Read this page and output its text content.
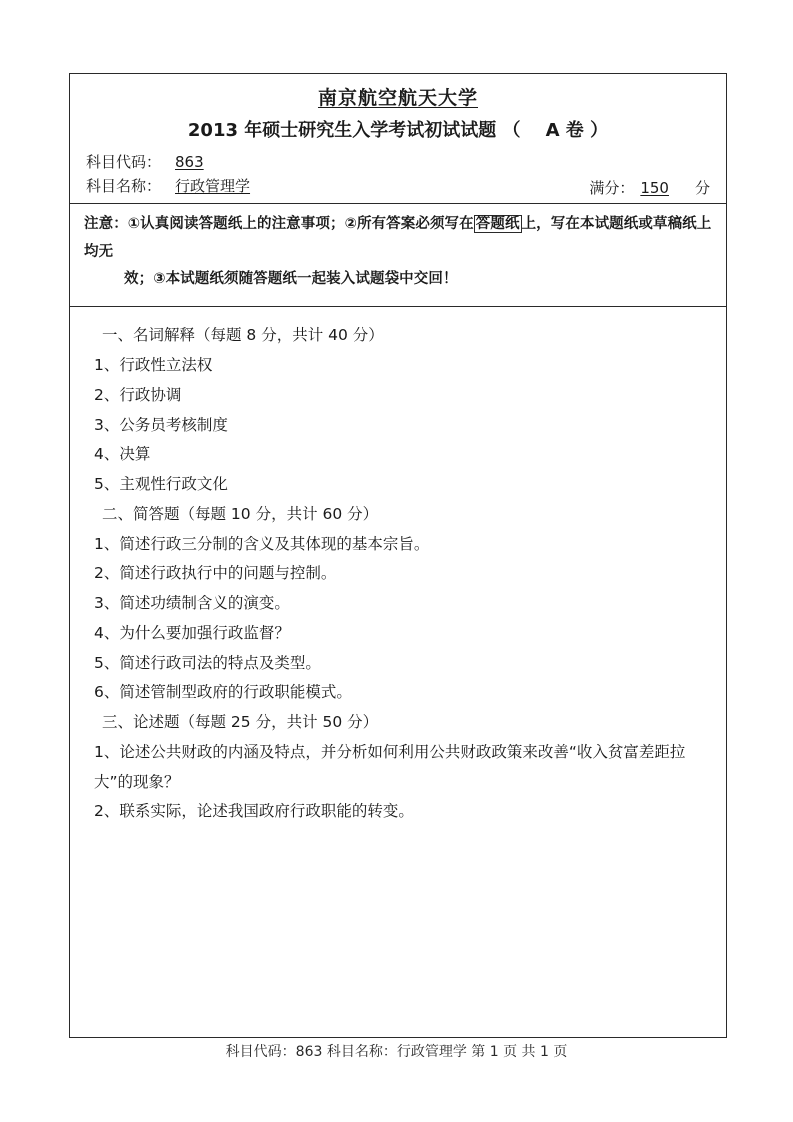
南京航空航天大学
2013 年硕士研究生入学考试初试试题 （    A 卷 ）
科目代码： 863
科目名称： 行政管理学	满分： 150 分
注意：①认真阅读答题纸上的注意事项；②所有答案必须写在 答题纸 上，写在本试题纸或草稿纸上均无
效；③本试题纸须随答题纸一起装入试题袋中交回！
一、名词解释（每题 8 分，共计 40 分）
1、行政性立法权
2、行政协调
3、公务员考核制度
4、决算
5、主观性行政文化
二、简答题（每题 10 分，共计 60 分）
1、简述行政三分制的含义及其体现的基本宗旨。
2、简述行政执行中的问题与控制。
3、简述功绩制含义的演变。
4、为什么要加强行政监督？
5、简述行政司法的特点及类型。
6、简述管制型政府的行政职能模式。
三、论述题（每题 25 分，共计 50 分）
1、论述公共财政的内涵及特点，并分析如何利用公共财政政策来改善“收入贫富差距拉大”的现象？
2、联系实际，论述我国政府行政职能的转变。
科目代码：863 科目名称：行政管理学 第 1 页 共 1 页
